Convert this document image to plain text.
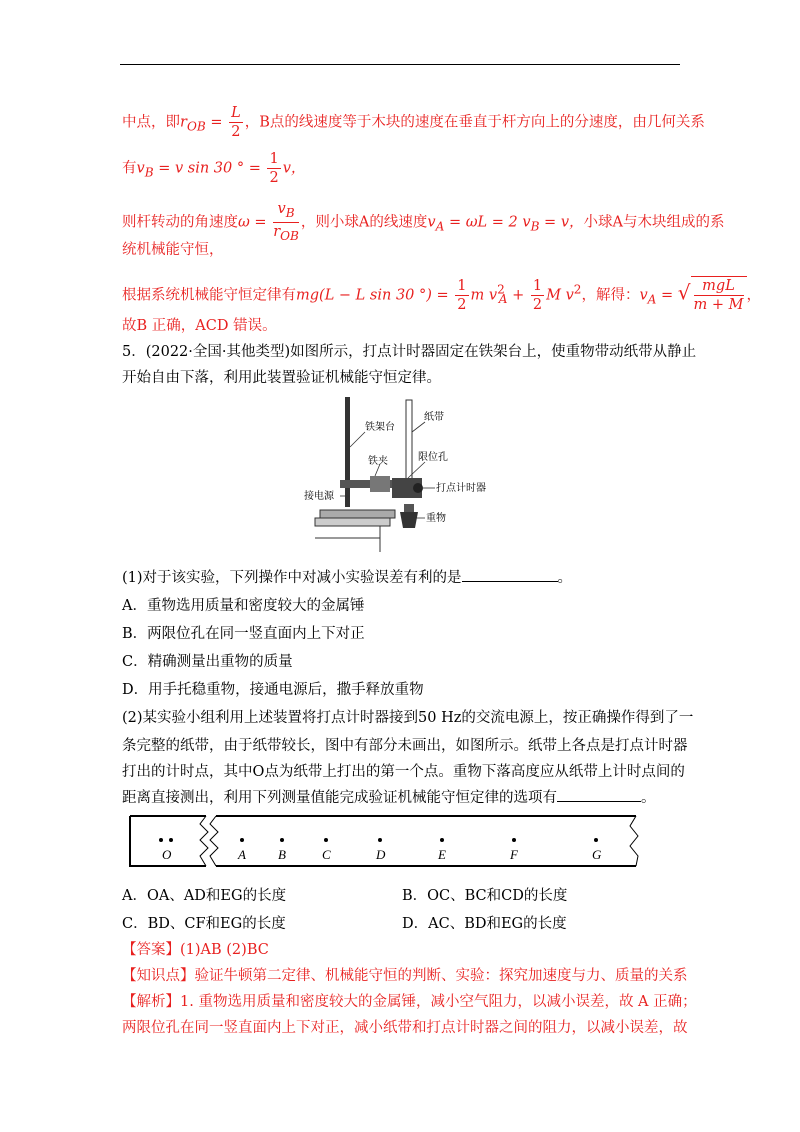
中点，即$r_{OB} = \frac{L}{2}$ ，B点的线速度等于木块的速度在垂直于杆方向上的分速度，由几何关系
有$v_B = v$ sin 30 ° = $\frac{1}{2}$ v，
则杆转动的角速度$\omega = \frac{v_B}{r_{OB}}$ ，则小球A的线速度$v_A = \omega L = 2$ $v_B = v$，小球A与木块组成的系
统机械能守恒，
根据系统机械能守恒定律有mg(L − L sin 30 °) = $\frac{1}{2}$ m $v^2_A + \frac{1}{2}$ M $v^2$，解得：$v_A$ = √ $\frac{\text{mgL}}{m + M}$ ，
故B 正确，ACD 错误。
5．(2022·全国·其他类型)如图所示，打点计时器固定在铁架台上，使重物带动纸带从静止
开始自由下落，利用此装置验证机械能守恒定律。
铁架台
纸带
铁夹	限位孔
打点计时器
接电源
重物
(1)对于该实验，下列操作中对减小实验误差有利的是	。
A．重物选用质量和密度较大的金属锤
B．两限位孔在同一竖直面内上下对正
C．精确测量出重物的质量
D．用手托稳重物，接通电源后，撒手释放重物
(2)某实验小组利用上述装置将打点计时器接到50 Hz的交流电源上，按正确操作得到了一
条完整的纸带，由于纸带较长，图中有部分未画出，如图所示。纸带上各点是打点计时器
打出的计时点，其中O点为纸带上打出的第一个点。重物下落高度应从纸带上计时点间的
距离直接测出，利用下列测量值能完成验证机械能守恒定律的选项有	。
O	A B	C	D	E	F	G
A．OA、AD和EG的长度	B．OC、BC和CD的长度
C．BD、CF和EG的长度	D．AC、BD和EG的长度
【答案】(1)AB (2)BC
【知识点】验证牛顿第二定律、机械能守恒的判断、实验：探究加速度与力、质量的关系
【解析】1. 重物选用质量和密度较大的金属锤，减小空气阻力，以减小误差，故 A 正确；
两限位孔在同一竖直面内上下对正，减小纸带和打点计时器之间的阻力，以减小误差，故
